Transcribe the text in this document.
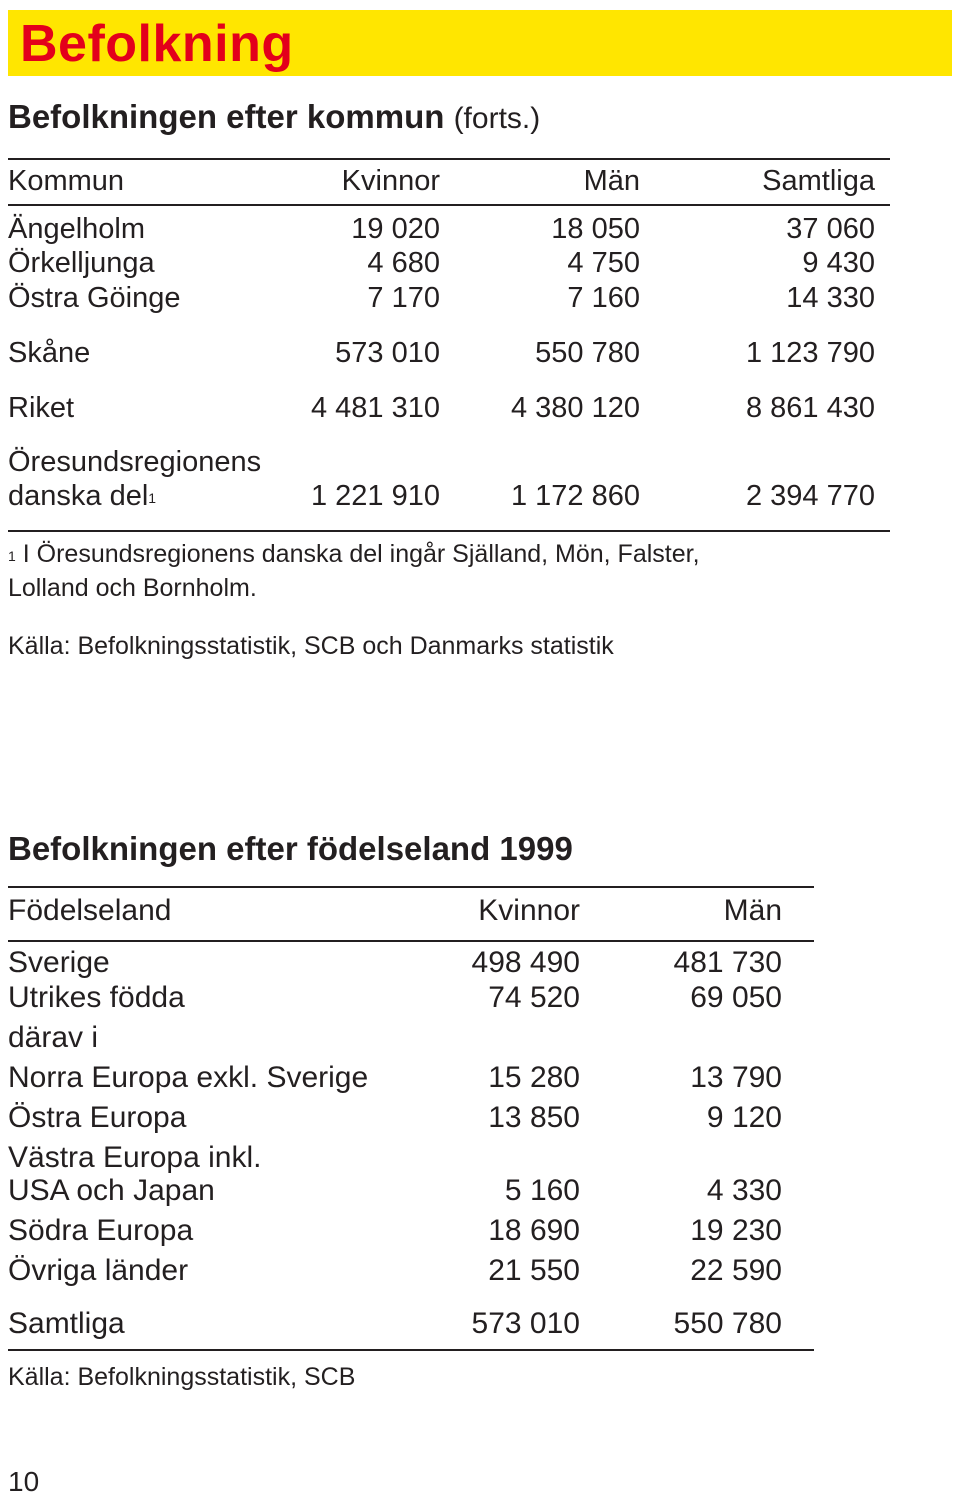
Befolkning
Befolkningen efter kommun (forts.)
Kommun	Kvinnor	Män	Samtliga
Ängelholm	19 020	18 050	37 060
Örkelljunga	4 680	4 750	9 430
Östra Göinge	7 170	7 160	14 330
Skåne	573 010	550 780	1 123 790
Riket	4 481 310	4 380 120	8 861 430
Öresundsregionens
danska del$^1$	1 221 910	1 172 860	2 394 770
$^1$ I Öresundsregionens danska del ingår Själland, Mön, Falster,
Lolland och Bornholm.
Källa: Befolkningsstatistik, SCB och Danmarks statistik
Befolkningen efter födelseland 1999
Födelseland	Kvinnor	Män
Sverige	498 490	481 730
Utrikes födda	74 520	69 050
därav i
Norra Europa exkl. Sverige	15 280	13 790
Östra Europa	13 850	9 120
Västra Europa inkl.
USA och Japan	5 160	4 330
Södra Europa	18 690	19 230
Övriga länder	21 550	22 590
Samtliga	573 010	550 780
Källa: Befolkningsstatistik, SCB
10
